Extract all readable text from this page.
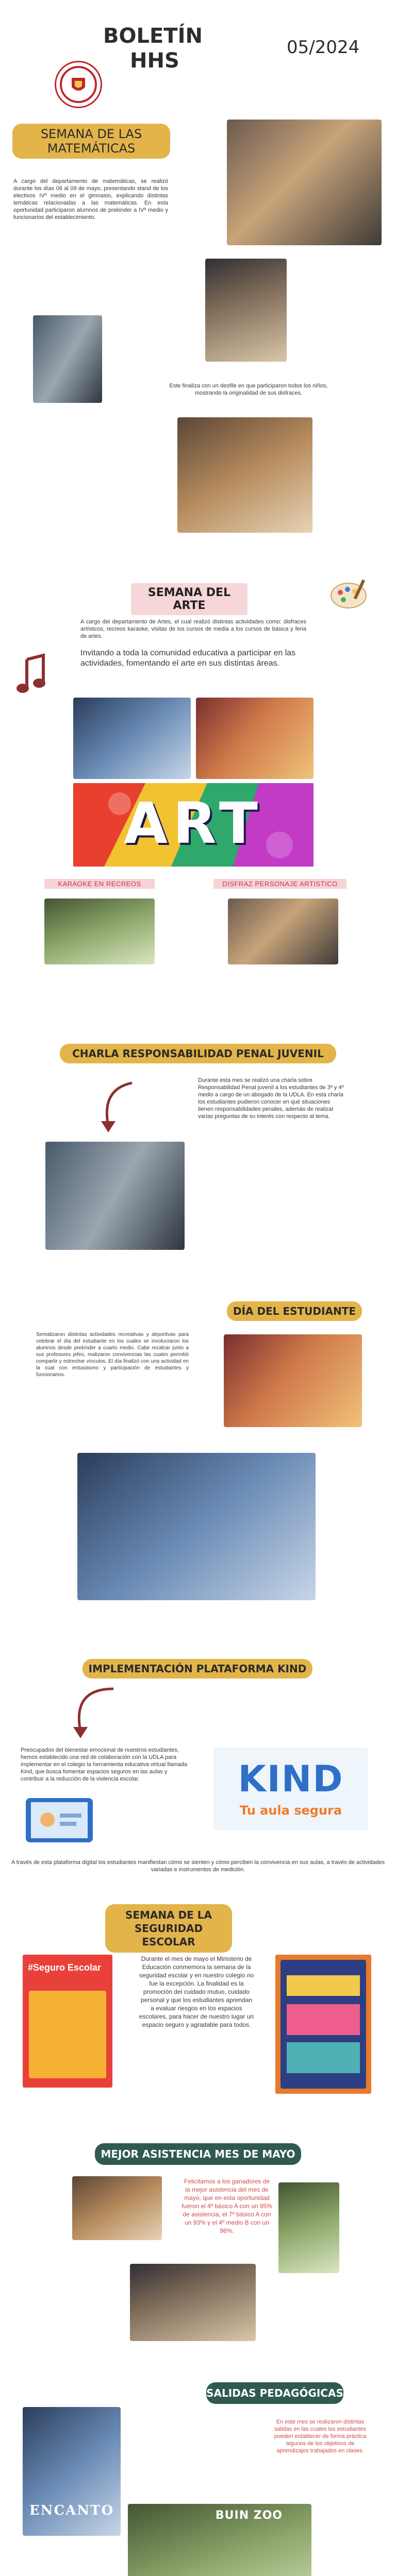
BOLETÍN
HHS
05/2024
SEMANA DE LAS MATEMÁTICAS
A cargo del departamento de matemáticas, se realizó durante los días 06 al 09 de mayo, presentando stand de los electivos IVº medio en el gimnasio, explicando distintas temáticas relacionadas a las matemáticas. En esta oportunidad participaron alumnos de prekinder a IVº medio y funcionarios del establecimiento.
Este finaliza con un desfile en que participaron todos los niños, mostrando la originalidad de sus disfraces.
SEMANA DEL ARTE
A cargo del departamento de Artes, el cual realizó distintas actividades como: disfraces artísticos, recreos karaoke, visitas de los cursos de media a los cursos de básica y feria de artes.
Invitando a toda la comunidad educativa a participar en las actividades, fomentando el arte en sus distintas áreas.
ART
KARAOKE EN RECREOS	DISFRAZ PERSONAJE ARTISTICO
CHARLA RESPONSABILIDAD PENAL JUVENIL
Durante esta mes se realizó una charla sobre Responsabilidad Penal juvenil a los estudiantes de 3º y 4º medio a cargo de un abogado de la UDLA. En esta charla los estudiantes pudieron conocer en qué situaciones tienen responsabilidades penales, además de realizar varias preguntas de su interés con respecto al tema.
DÍA DEL ESTUDIANTE
Serealizaron distintas actividades recreativas y deportivas para celebrar el día del estudiante en los cuales se involucraron los alumnos desde prekínder a cuarto medio. Cabe recalcar junto a sus profesores jefes, realizaron convivencias las cuales permitió compartir y estrechar vínculos. El día finalizó con una actividad en la cual con entusiasmo y participación de estudiantes y funcionarios.
IMPLEMENTACIÓN PLATAFORMA KIND
Preocupados del bienestar emocional de nuestros estudiantes, hemos establecido una red de colaboración con la UDLA para implementar en el colegio la herramienta educativa virtual llamada Kind, que busca fomentar espacios seguros en las aulas y contribuir a la reducción de la violencia escolar.	KIND
Tu aula segura
A través de esta plataforma digital los estudiantes manifiestan cómo se sienten y cómo perciben la convivencia en sus aulas, a través de actividades variadas e instrumentos de medición.
SEMANA DE LA SEGURIDAD ESCOLAR
#Seguro Escolar
Durante el mes de mayo el Ministerio de Educación conmemora la semana de la seguridad escolar y en nuestro colegio no fue la excepción. La finalidad es la promoción del cuidado mutuo, cuidado personal y que los estudiantes aprendan a evaluar riesgos en los espacios escolares, para hacer de nuestro lugar un espacio seguro y agradable para todos.
MEJOR ASISTENCIA MES DE MAYO
Felicitamos a los ganadores de la mejor asistencia del mes de mayo, que en esta oportunidad fueron el 4º básico A con un 95% de asistencia, el 7º básico A con un 93% y el 4º medio B con un 96%.
SALIDAS PEDAGÓGICAS
ENCANTO
En este mes se realizaron distintas salidas en las cuales los estudiantes pueden establecer de forma práctica algunos de los objetivos de aprendizajes trabajados en clases.
BUIN ZOO
